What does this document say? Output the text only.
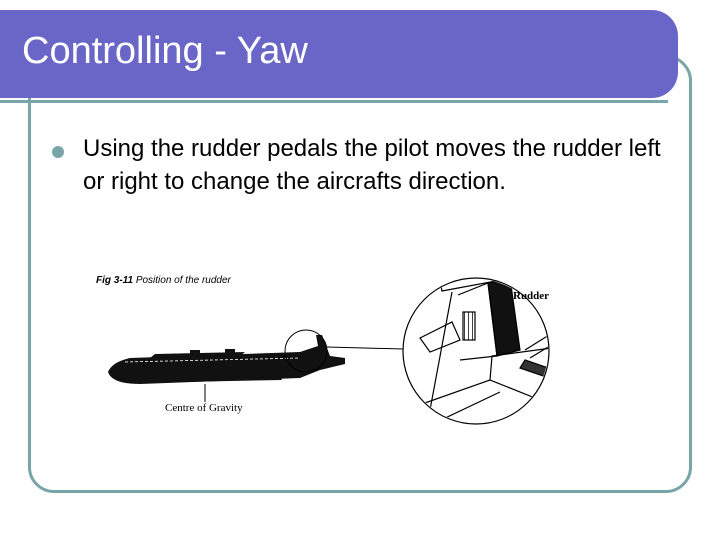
Controlling - Yaw

Using the rudder pedals the pilot moves the rudder left or right to change the aircrafts direction.

Fig 3-11 Position of the rudder
Centre of Gravity
Rudder
